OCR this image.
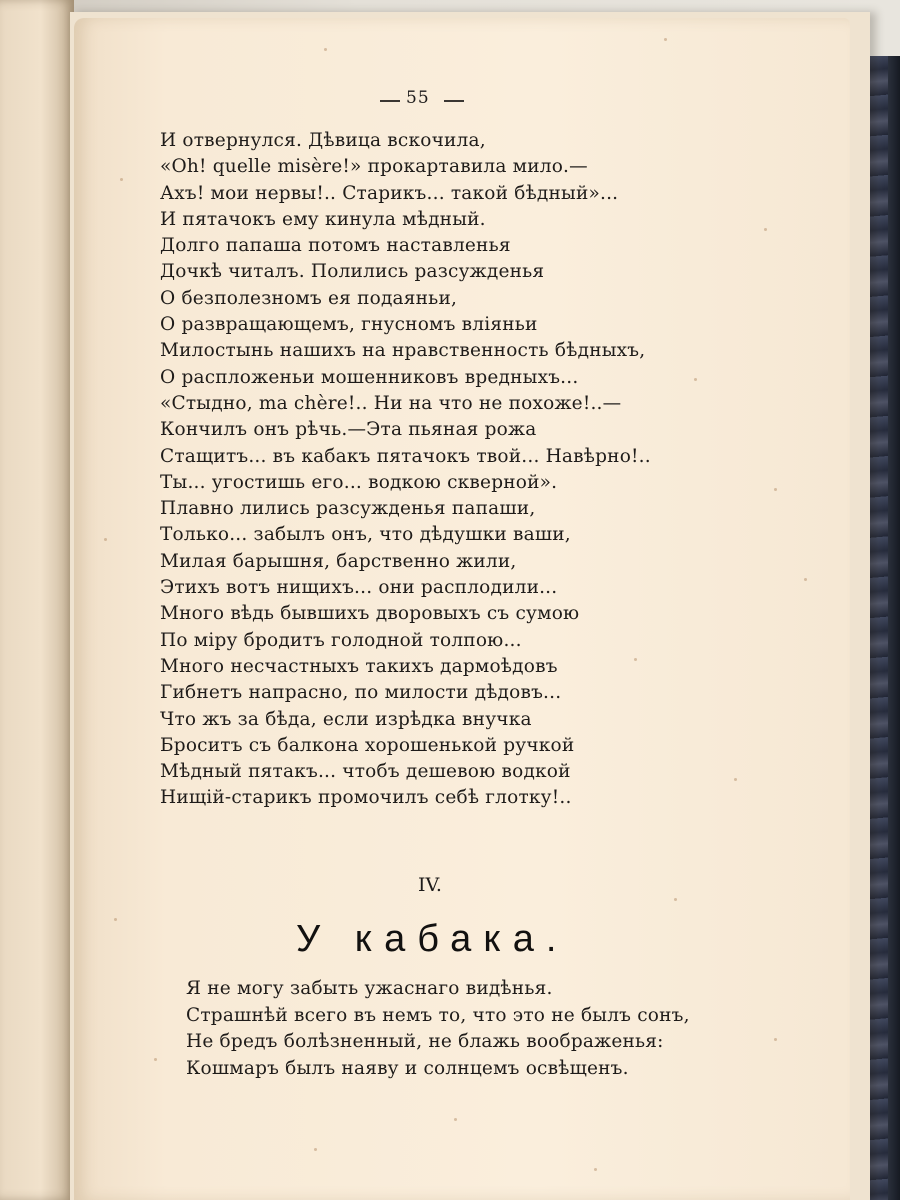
55
И отвернулся. Дѣвица вскочила,
«Oh! quelle misère!» прокартавила мило.—
Ахъ! мои нервы!.. Старикъ... такой бѣдный»...
И пятачокъ ему кинула мѣдный.
Долго папаша потомъ наставленья
Дочкѣ читалъ. Полились разсужденья
О безполезномъ ея подаяньи,
О развращающемъ, гнусномъ вліяньи
Милостынь нашихъ на нравственность бѣдныхъ,
О распложеньи мошенниковъ вредныхъ...
«Стыдно, ma chère!.. Ни на что не похоже!..—
Кончилъ онъ рѣчь.—Эта пьяная рожа
Стащитъ... въ кабакъ пятачокъ твой... Навѣрно!..
Ты... угостишь его... водкою скверной».
Плавно лились разсужденья папаши,
Только... забылъ онъ, что дѣдушки ваши,
Милая барышня, барственно жили,
Этихъ вотъ нищихъ... они расплодили...
Много вѣдь бывшихъ дворовыхъ съ сумою
По міру бродитъ голодной толпою...
Много несчастныхъ такихъ дармоѣдовъ
Гибнетъ напрасно, по милости дѣдовъ...
Что жъ за бѣда, если изрѣдка внучка
Броситъ съ балкона хорошенькой ручкой
Мѣдный пятакъ... чтобъ дешевою водкой
Нищій-старикъ промочилъ себѣ глотку!..
IV.
У кабака.
Я не могу забыть ужаснаго видѣнья.
Страшнѣй всего въ немъ то, что это не былъ сонъ,
Не бредъ болѣзненный, не блажь воображенья:
Кошмаръ былъ наяву и солнцемъ освѣщенъ.
